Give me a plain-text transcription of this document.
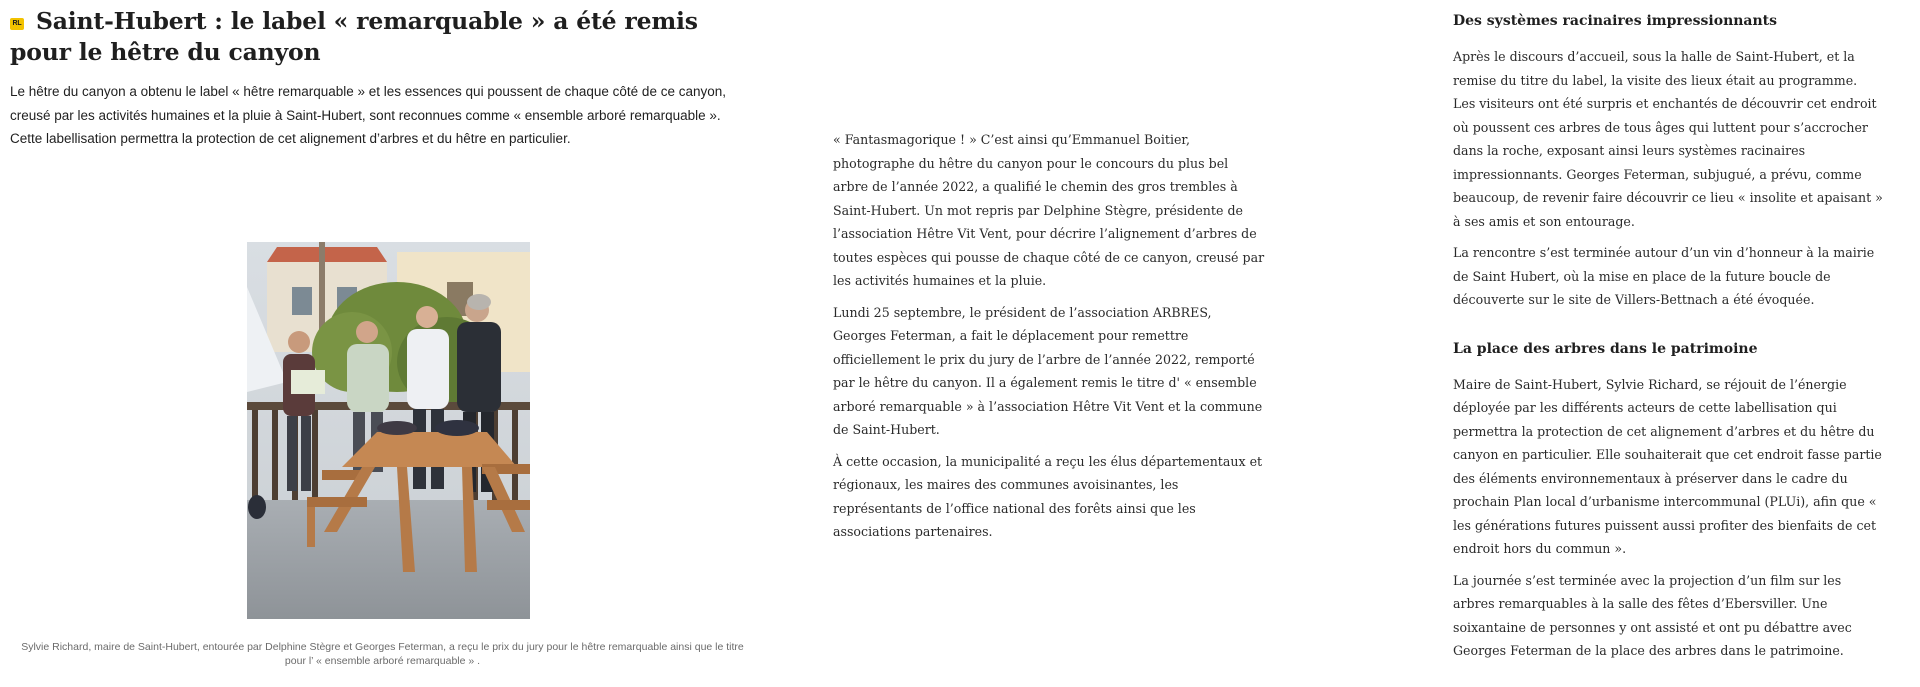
RL Saint-Hubert : le label « remarquable » a été remis pour le hêtre du canyon

Le hêtre du canyon a obtenu le label « hêtre remarquable » et les essences qui poussent de chaque côté de ce canyon, creusé par les activités humaines et la pluie à Saint-Hubert, sont reconnues comme « ensemble arboré remarquable ». Cette labellisation permettra la protection de cet alignement d’arbres et du hêtre en particulier.

Sylvie Richard, maire de Saint-Hubert, entourée par Delphine Stègre et Georges Feterman, a reçu le prix du jury pour le hêtre remarquable ainsi que le titre pour l’ « ensemble arboré remarquable » .

« Fantasmagorique ! » C’est ainsi qu’Emmanuel Boitier, photographe du hêtre du canyon pour le concours du plus bel arbre de l’année 2022, a qualifié le chemin des gros trembles à Saint-Hubert. Un mot repris par Delphine Stègre, présidente de l’association Hêtre Vit Vent, pour décrire l’alignement d’arbres de toutes espèces qui pousse de chaque côté de ce canyon, creusé par les activités humaines et la pluie.

Lundi 25 septembre, le président de l’association ARBRES, Georges Feterman, a fait le déplacement pour remettre officiellement le prix du jury de l’arbre de l’année 2022, remporté par le hêtre du canyon. Il a également remis le titre d' « ensemble arboré remarquable » à l’association Hêtre Vit Vent et la commune de Saint-Hubert.

À cette occasion, la municipalité a reçu les élus départementaux et régionaux, les maires des communes avoisinantes, les représentants de l’office national des forêts ainsi que les associations partenaires.

Des systèmes racinaires impressionnants

Après le discours d’accueil, sous la halle de Saint-Hubert, et la remise du titre du label, la visite des lieux était au programme. Les visiteurs ont été surpris et enchantés de découvrir cet endroit où poussent ces arbres de tous âges qui luttent pour s’accrocher dans la roche, exposant ainsi leurs systèmes racinaires impressionnants. Georges Feterman, subjugué, a prévu, comme beaucoup, de revenir faire découvrir ce lieu « insolite et apaisant » à ses amis et son entourage.

La rencontre s’est terminée autour d’un vin d’honneur à la mairie de Saint Hubert, où la mise en place de la future boucle de découverte sur le site de Villers-Bettnach a été évoquée.

La place des arbres dans le patrimoine

Maire de Saint-Hubert, Sylvie Richard, se réjouit de l’énergie déployée par les différents acteurs de cette labellisation qui permettra la protection de cet alignement d’arbres et du hêtre du canyon en particulier. Elle souhaiterait que cet endroit fasse partie des éléments environnementaux à préserver dans le cadre du prochain Plan local d’urbanisme intercommunal (PLUi), afin que « les générations futures puissent aussi profiter des bienfaits de cet endroit hors du commun ».

La journée s’est terminée avec la projection d’un film sur les arbres remarquables à la salle des fêtes d’Ebersviller. Une soixantaine de personnes y ont assisté et ont pu débattre avec Georges Feterman de la place des arbres dans le patrimoine.
